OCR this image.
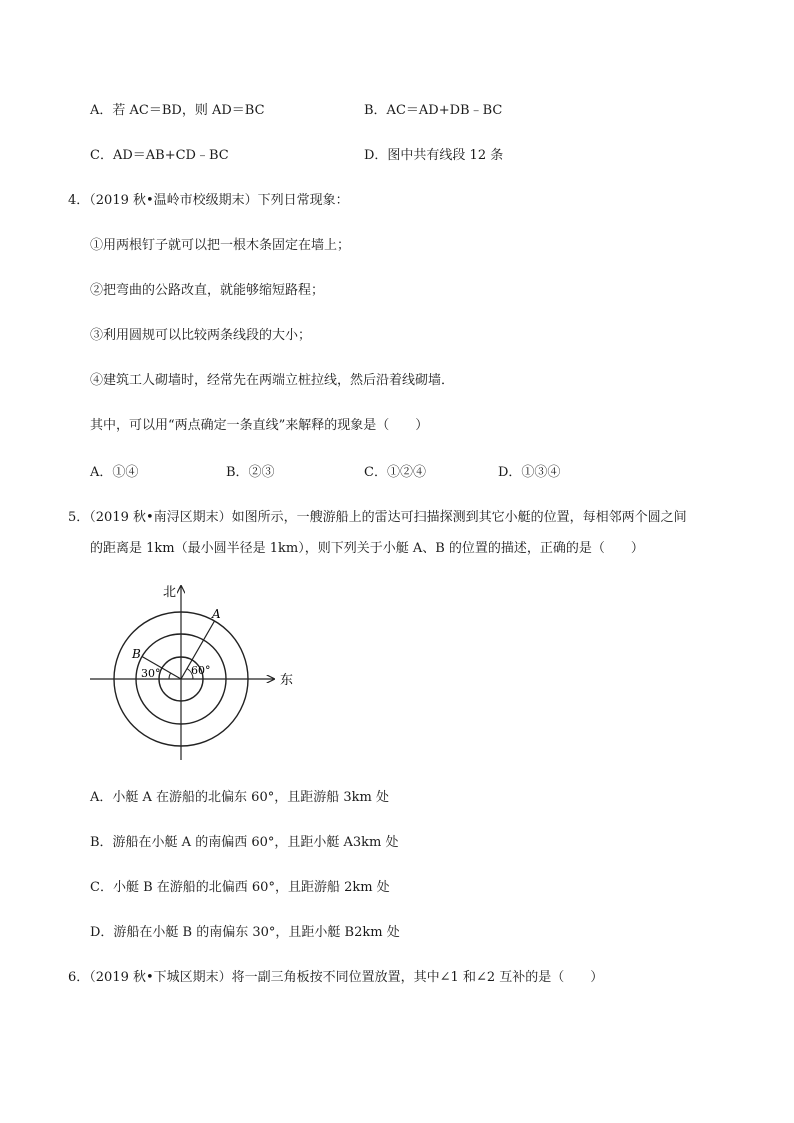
A．若 AC＝BD，则 AD＝BC	B．AC＝AD+DB﹣BC
C．AD＝AB+CD﹣BC	D．图中共有线段 12 条
4．（2019 秋•温岭市校级期末）下列日常现象：
①用两根钉子就可以把一根木条固定在墙上；
②把弯曲的公路改直，就能够缩短路程；
③利用圆规可以比较两条线段的大小；
④建筑工人砌墙时，经常先在两端立桩拉线，然后沿着线砌墙．
其中，可以用“两点确定一条直线”来解释的现象是（　　）
A．①④	B．②③	C．①②④	D．①③④
5．（2019 秋•南浔区期末）如图所示，一艘游船上的雷达可扫描探测到其它小艇的位置，每相邻两个圆之间
的距离是 1km（最小圆半径是 1km），则下列关于小艇 A、B 的位置的描述，正确的是（　　）
北
东
A
B
60°
30°
A．小艇 A 在游船的北偏东 60°，且距游船 3km 处
B．游船在小艇 A 的南偏西 60°，且距小艇 A3km 处
C．小艇 B 在游船的北偏西 60°，且距游船 2km 处
D．游船在小艇 B 的南偏东 30°，且距小艇 B2km 处
6．（2019 秋•下城区期末）将一副三角板按不同位置放置，其中∠1 和∠2 互补的是（　　）
